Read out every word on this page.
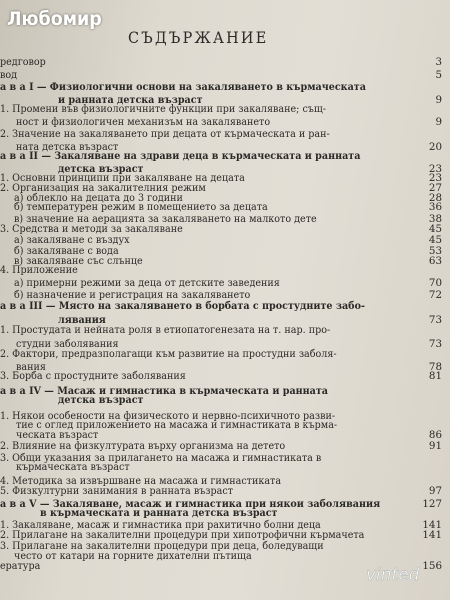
Любомир
СЪДЪРЖАНИЕ
редговор	3
вод	5
а в а I — Физиологични основи на закаляването в кърмаческата
и ранната детска възраст	9
1. Промени във физиологичните функции при закаляване; същ-
ност и физиологичен механизъм на закаляването	9
2. Значение на закаляването при децата от кърмаческата и ран-
ната детска възраст	20
а в а II — Закаляване на здрави деца в кърмаческата и ранната
детска възраст	23
1. Основни принципи при закаляване на децата	23
2. Организация на закалителния режим	27
а) облекло на децата до 3 години	28
б) температурен режим в помещението за децата	36
в) значение на аерацията за закаляването на малкото дете	38
3. Средства и методи за закаляване	45
а) закаляване с въздух	45
б) закаляване с вода	53
в) закаляване със слънце	63
4. Приложение
а) примерни режими за деца от детските заведения	70
б) назначение и регистрация на закаляването	72
а в а III — Място на закаляването в борбата с простудните забо-
лявания	73
1. Простудата и нейната роля в етиопатогенезата на т. нар. про-
студни заболявания	73
2. Фактори, предразполагащи към развитие на простудни заболя-
вания	78
3. Борба с простудните заболявания	81
а в а IV — Масаж и гимнастика в кърмаческата и ранната
детска възраст
1. Някои особености на физическото и нервно-психичното разви-
тие с оглед приложението на масажа и гимнастиката в кърма-
ческата възраст	86
2. Влияние на физкултурата върху организма на детето	91
3. Общи указания за прилагането на масажа и гимнастиката в
кърмаческата възраст
4. Методика за извършване на масажа и гимнастиката
5. Физкултурни занимания в ранната възраст	97
а в а V — Закаляване, масаж и гимнастика при някои заболявания	127
в кърмаческата и ранната детска възраст
1. Закаляване, масаж и гимнастика при рахитично болни деца	141
2. Прилагане на закалителни процедури при хипотрофични кърмачета	141
3. Прилагане на закалителни процедури при деца, боледуващи
често от катари на горните дихателни пътища
ература	156
vinted
